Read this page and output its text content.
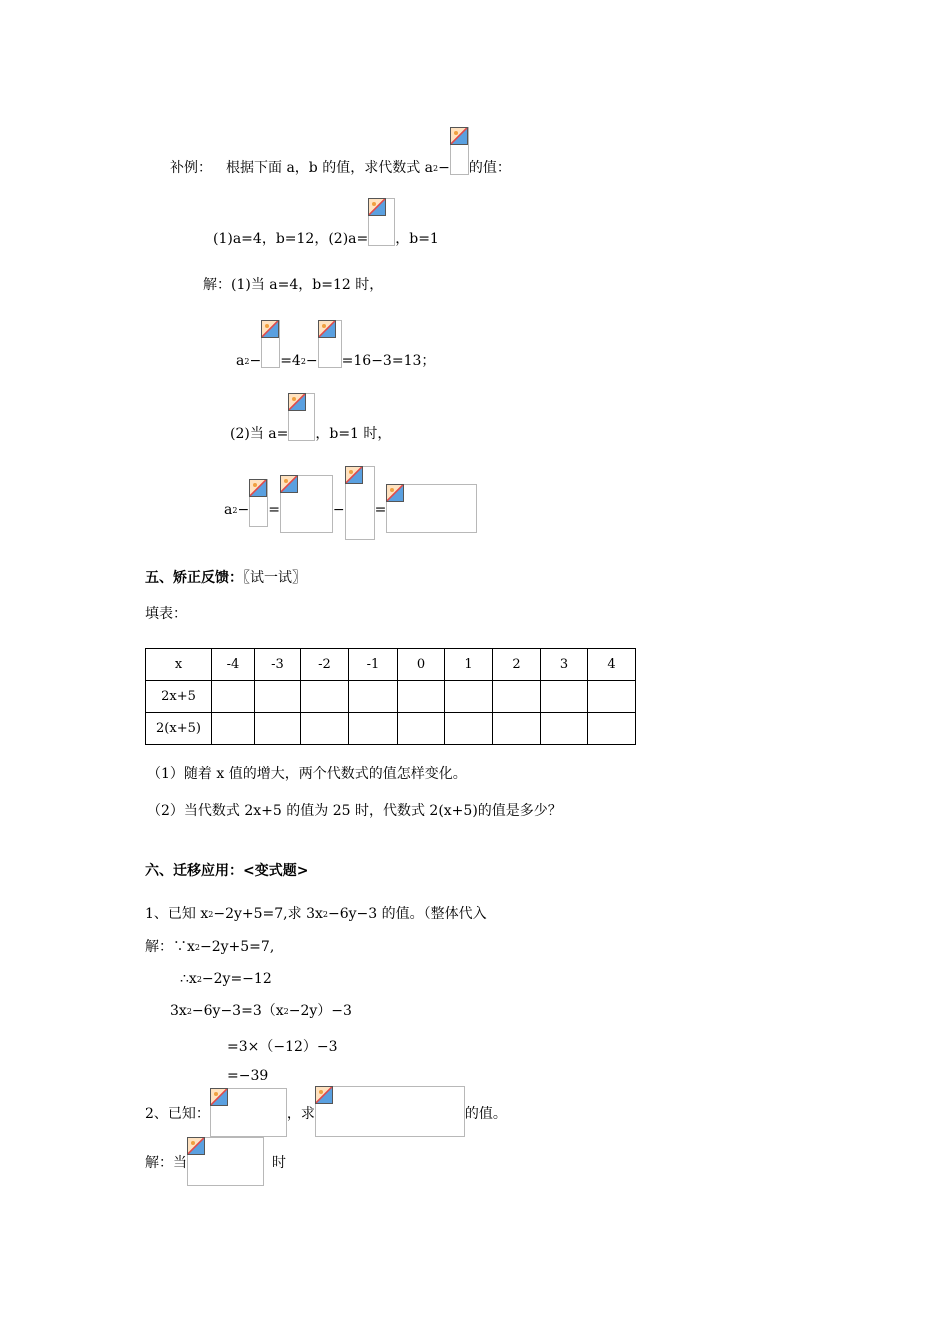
补例： 根据下面 a，b 的值，求代数式 $a^2$ − 的值：
(1)a=4，b=12，(2)a= ，b=1
解：(1)当 a=4，b=12 时，
$a^2 - =4^2 - =16-3=13$；
(2)当 a= ，b=1 时，
$a^2$ − =	− =
五、矫正反馈：〖试一试〗
填表：
x	-4	-3	-2	-1	0	1	2	3	4
2x+5									
2(x+5)									
（1）随着 x 值的增大，两个代数式的值怎样变化。
（2）当代数式 2x+5 的值为 25 时，代数式 2(x+5)的值是多少？
六、迁移应用：<变式题>
1、已知 $x^2 -2y+5=7$,求 $3x^2 -6y-3$ 的值。（整体代入
解：$\because x^2 -2y+5=7$,
$\therefore x^2 -2y=-12$
$3x^2 -6y-3=3(x^2 -2y)-3$
=3×（−12）−3
=−39
2、已知：	，求	的值。
解：当	时
